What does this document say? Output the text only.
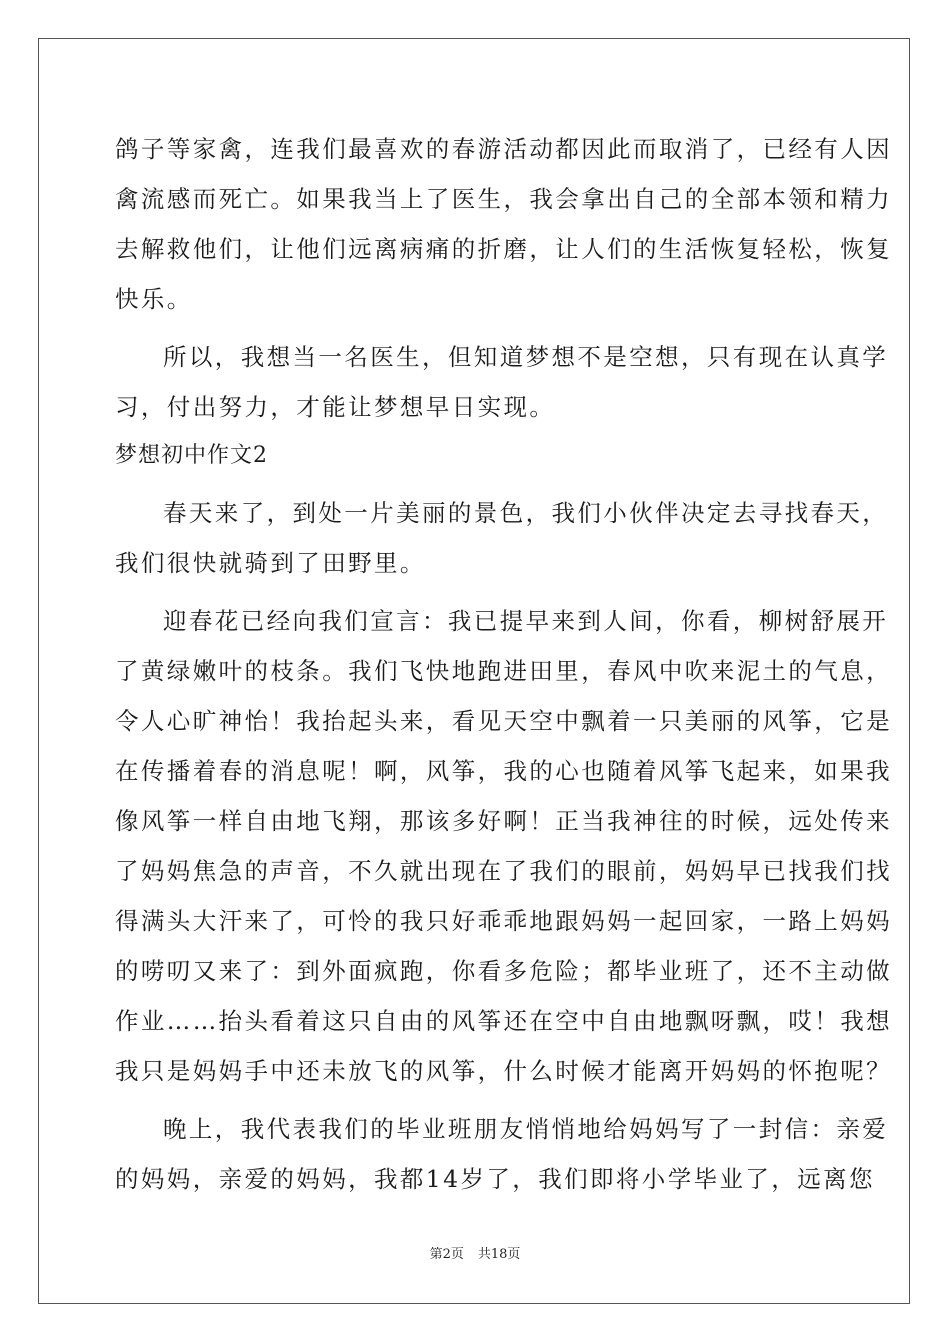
鸽子等家禽，连我们最喜欢的春游活动都因此而取消了，已经有人因
禽流感而死亡。如果我当上了医生，我会拿出自己的全部本领和精力
去解救他们，让他们远离病痛的折磨，让人们的生活恢复轻松，恢复
快乐。
所以，我想当一名医生，但知道梦想不是空想，只有现在认真学
习，付出努力，才能让梦想早日实现。
梦想初中作文2
春天来了，到处一片美丽的景色，我们小伙伴决定去寻找春天，
我们很快就骑到了田野里。
迎春花已经向我们宣言：我已提早来到人间，你看，柳树舒展开
了黄绿嫩叶的枝条。我们飞快地跑进田里，春风中吹来泥土的气息，
令人心旷神怡！我抬起头来，看见天空中飘着一只美丽的风筝，它是
在传播着春的消息呢！啊，风筝，我的心也随着风筝飞起来，如果我
像风筝一样自由地飞翔，那该多好啊！正当我神往的时候，远处传来
了妈妈焦急的声音，不久就出现在了我们的眼前，妈妈早已找我们找
得满头大汗来了，可怜的我只好乖乖地跟妈妈一起回家，一路上妈妈
的唠叨又来了：到外面疯跑，你看多危险；都毕业班了，还不主动做
作业……抬头看着这只自由的风筝还在空中自由地飘呀飘，哎！我想
我只是妈妈手中还未放飞的风筝，什么时候才能离开妈妈的怀抱呢？
晚上，我代表我们的毕业班朋友悄悄地给妈妈写了一封信：亲爱
的妈妈，亲爱的妈妈，我都14岁了，我们即将小学毕业了，远离您
第2页 共18页
